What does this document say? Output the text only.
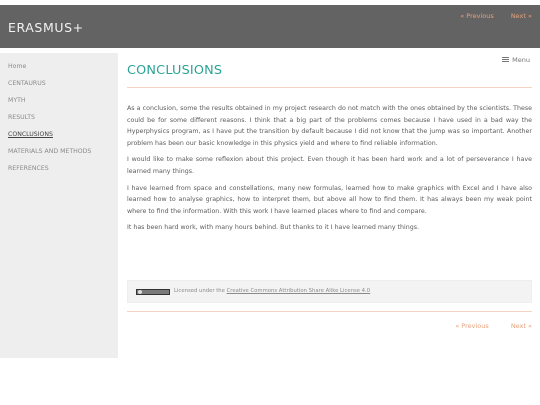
ERASMUS+
« Previous	Next »
Home
CENTAURUS
MYTH
RESULTS
CONCLUSIONS
MATERIALS AND METHODS
REFERENCES
Menu
CONCLUSIONS

As a conclusion, some the results obtained in my project research do not match with the ones obtained by the scientists. These could be for some different reasons. I think that a big part of the problems comes because I have used in a bad way the Hyperphysics program, as I have put the transition by default because I did not know that the jump was so important. Another problem has been our basic knowledge in this physics yield and where to find reliable information.

I would like to make some reflexion about this project. Even though it has been hard work and a lot of perseverance I have learned many things.

I have learned from space and constellations, many new formulas, learned how to make graphics with Excel and I have also learned how to analyse graphics, how to interpret them, but above all how to find them. It has always been my weak point where to find the information. With this work I have learned places where to find and compare.

It has been hard work, with many hours behind. But thanks to it I have learned many things.

Licensed under the Creative Commons Attribution Share Alike License 4.0
« Previous	Next »
